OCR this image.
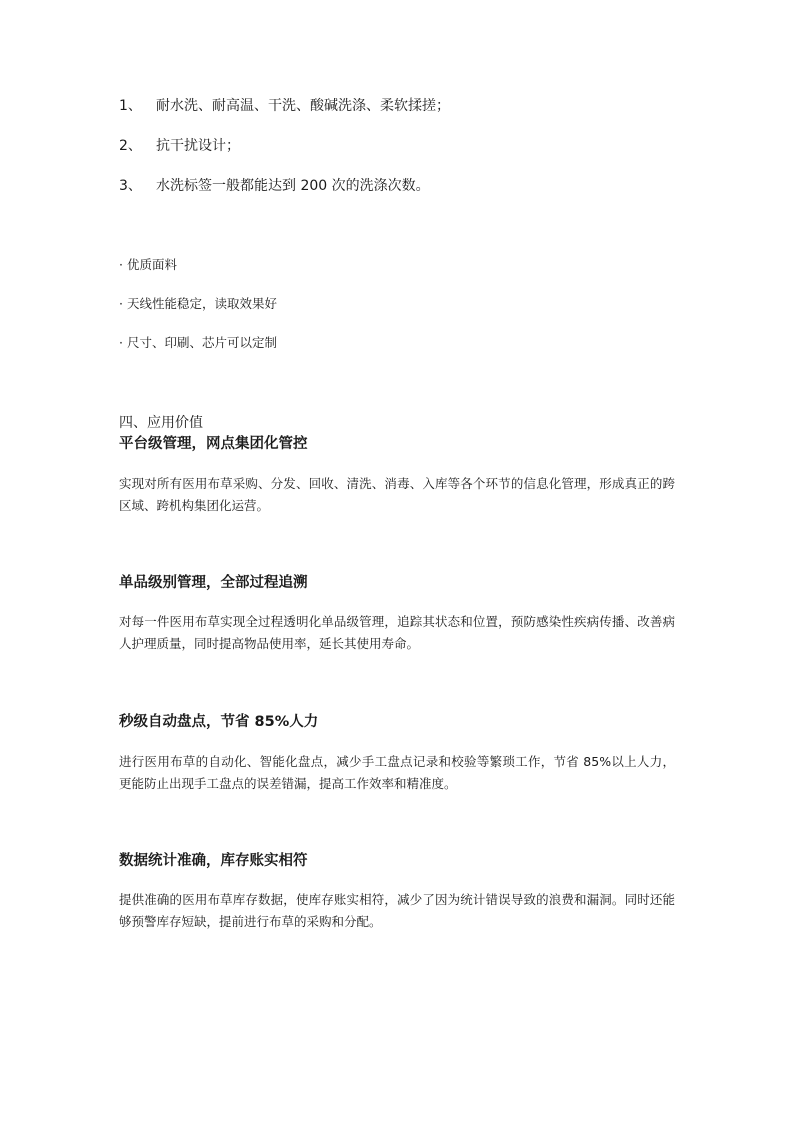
1、 耐水洗、耐高温、干洗、酸碱洗涤、柔软揉搓；
2、 抗干扰设计；
3、 水洗标签一般都能达到 200 次的洗涤次数。
· 优质面料
· 天线性能稳定，读取效果好
· 尺寸、印刷、芯片可以定制
四、应用价值
平台级管理，网点集团化管控
实现对所有医用布草采购、分发、回收、清洗、消毒、入库等各个环节的信息化管理，形成真正的跨区域、跨机构集团化运营。
单品级别管理，全部过程追溯
对每一件医用布草实现全过程透明化单品级管理，追踪其状态和位置，预防感染性疾病传播、改善病人护理质量，同时提高物品使用率，延长其使用寿命。
秒级自动盘点，节省 85%人力
进行医用布草的自动化、智能化盘点，减少手工盘点记录和校验等繁琐工作，节省 85%以上人力，更能防止出现手工盘点的误差错漏，提高工作效率和精准度。
数据统计准确，库存账实相符
提供准确的医用布草库存数据，使库存账实相符，减少了因为统计错误导致的浪费和漏洞。同时还能够预警库存短缺，提前进行布草的采购和分配。
